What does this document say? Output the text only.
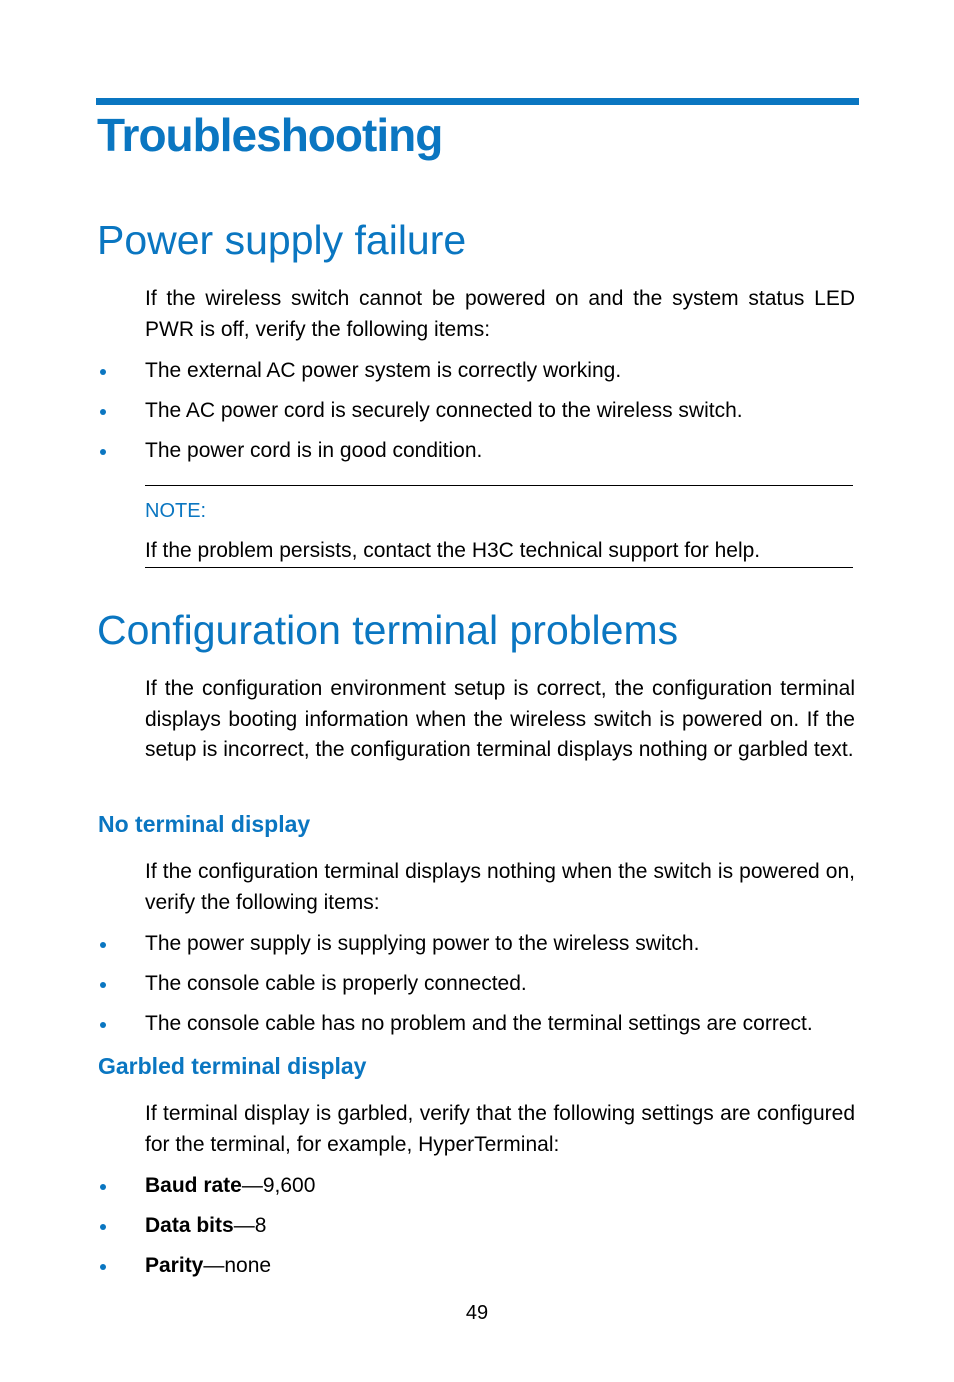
Troubleshooting
Power supply failure

If the wireless switch cannot be powered on and the system status LED PWR is off, verify the following items:

The external AC power system is correctly working.
The AC power cord is securely connected to the wireless switch.
The power cord is in good condition.
NOTE:
If the problem persists, contact the H3C technical support for help.
Configuration terminal problems

If the configuration environment setup is correct, the configuration terminal displays booting information when the wireless switch is powered on. If the setup is incorrect, the configuration terminal displays nothing or garbled text.

No terminal display

If the configuration terminal displays nothing when the switch is powered on, verify the following items:

The power supply is supplying power to the wireless switch.
The console cable is properly connected.
The console cable has no problem and the terminal settings are correct.
Garbled terminal display

If terminal display is garbled, verify that the following settings are configured for the terminal, for example, HyperTerminal:

Baud rate—9,600
Data bits—8
Parity—none
49
